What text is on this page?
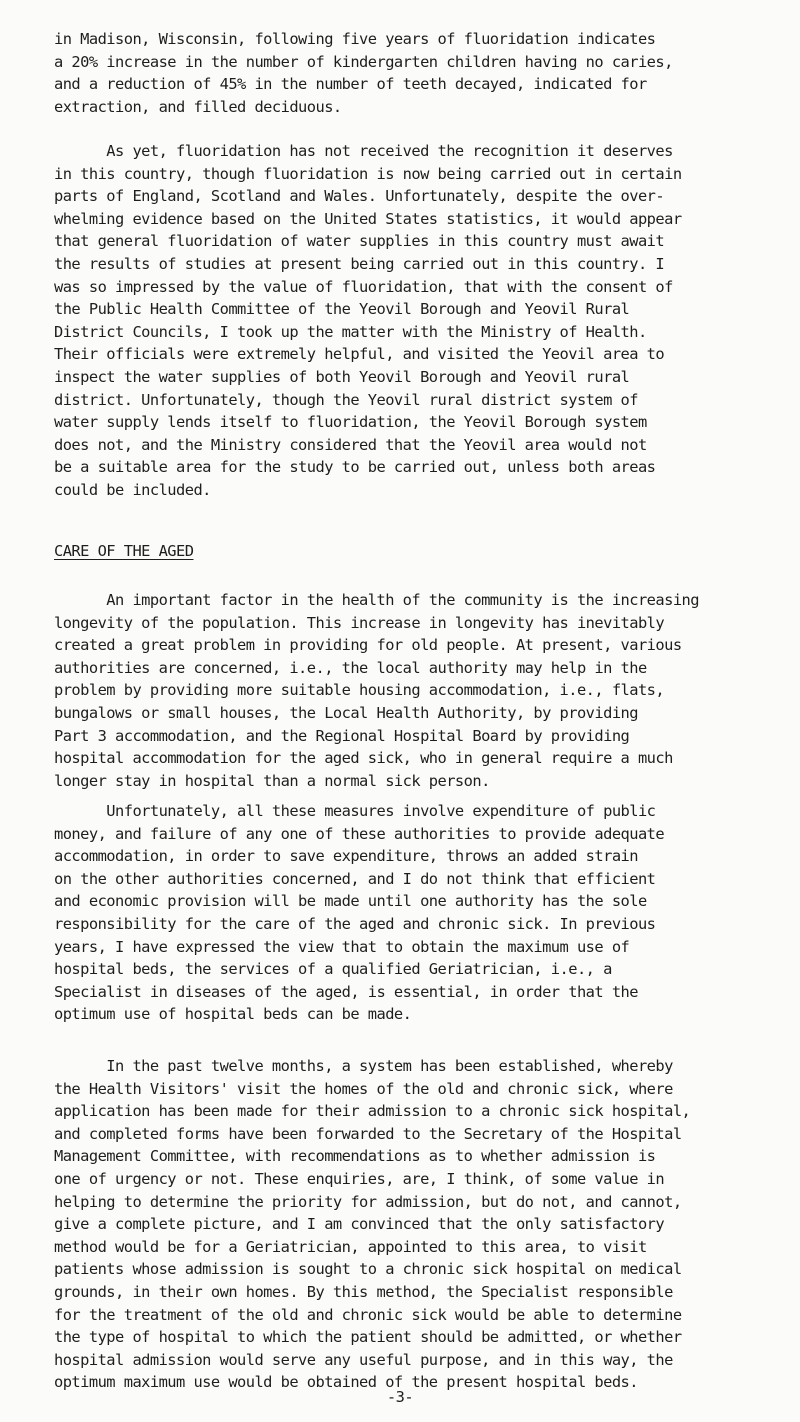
in Madison, Wisconsin, following five years of fluoridation indicates
a 20% increase in the number of kindergarten children having no caries,
and a reduction of 45% in the number of teeth decayed, indicated for
extraction, and filled deciduous.

As yet, fluoridation has not received the recognition it deserves
in this country, though fluoridation is now being carried out in certain
parts of England, Scotland and Wales. Unfortunately, despite the over-
whelming evidence based on the United States statistics, it would appear
that general fluoridation of water supplies in this country must await
the results of studies at present being carried out in this country. I
was so impressed by the value of fluoridation, that with the consent of
the Public Health Committee of the Yeovil Borough and Yeovil Rural
District Councils, I took up the matter with the Ministry of Health.
Their officials were extremely helpful, and visited the Yeovil area to
inspect the water supplies of both Yeovil Borough and Yeovil rural
district. Unfortunately, though the Yeovil rural district system of
water supply lends itself to fluoridation, the Yeovil Borough system
does not, and the Ministry considered that the Yeovil area would not
be a suitable area for the study to be carried out, unless both areas
could be included.

CARE OF THE AGED

An important factor in the health of the community is the increasing
longevity of the population. This increase in longevity has inevitably
created a great problem in providing for old people. At present, various
authorities are concerned, i.e., the local authority may help in the
problem by providing more suitable housing accommodation, i.e., flats,
bungalows or small houses, the Local Health Authority, by providing
Part 3 accommodation, and the Regional Hospital Board by providing
hospital accommodation for the aged sick, who in general require a much
longer stay in hospital than a normal sick person.

Unfortunately, all these measures involve expenditure of public
money, and failure of any one of these authorities to provide adequate
accommodation, in order to save expenditure, throws an added strain
on the other authorities concerned, and I do not think that efficient
and economic provision will be made until one authority has the sole
responsibility for the care of the aged and chronic sick. In previous
years, I have expressed the view that to obtain the maximum use of
hospital beds, the services of a qualified Geriatrician, i.e., a
Specialist in diseases of the aged, is essential, in order that the
optimum use of hospital beds can be made.

In the past twelve months, a system has been established, whereby
the Health Visitors' visit the homes of the old and chronic sick, where
application has been made for their admission to a chronic sick hospital,
and completed forms have been forwarded to the Secretary of the Hospital
Management Committee, with recommendations as to whether admission is
one of urgency or not. These enquiries, are, I think, of some value in
helping to determine the priority for admission, but do not, and cannot,
give a complete picture, and I am convinced that the only satisfactory
method would be for a Geriatrician, appointed to this area, to visit
patients whose admission is sought to a chronic sick hospital on medical
grounds, in their own homes. By this method, the Specialist responsible
for the treatment of the old and chronic sick would be able to determine
the type of hospital to which the patient should be admitted, or whether
hospital admission would serve any useful purpose, and in this way, the
optimum maximum use would be obtained of the present hospital beds.

-3-
